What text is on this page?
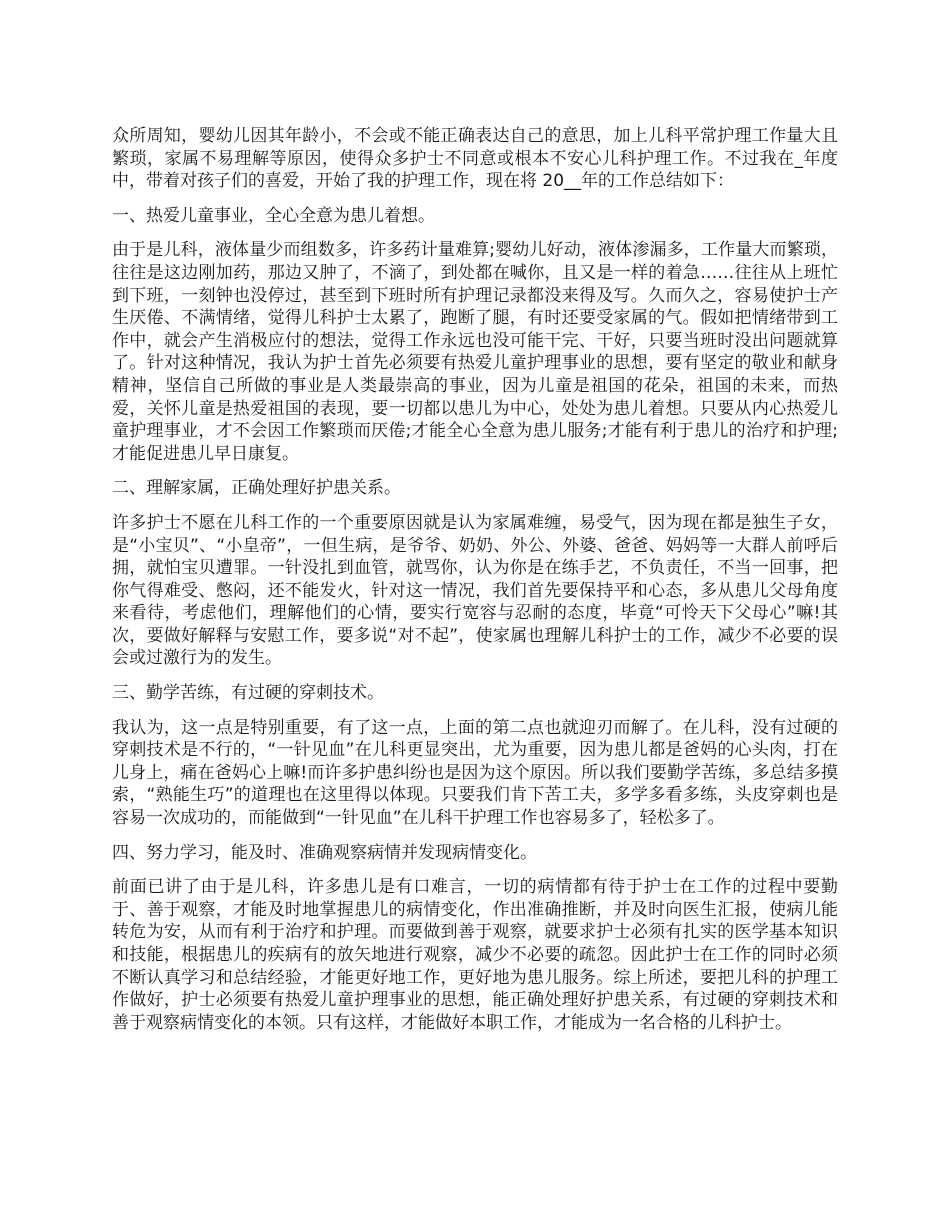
众所周知，婴幼儿因其年龄小，不会或不能正确表达自己的意思，加上儿科平常护理工作量大且繁琐，家属不易理解等原因，使得众多护士不同意或根本不安心儿科护理工作。不过我在_年度中，带着对孩子们的喜爱，开始了我的护理工作，现在将 20__年的工作总结如下：

一、热爱儿童事业，全心全意为患儿着想。

由于是儿科，液体量少而组数多，许多药计量难算;婴幼儿好动，液体渗漏多，工作量大而繁琐，往往是这边刚加药，那边又肿了，不滴了，到处都在喊你，且又是一样的着急……往往从上班忙到下班，一刻钟也没停过，甚至到下班时所有护理记录都没来得及写。久而久之，容易使护士产生厌倦、不满情绪，觉得儿科护士太累了，跑断了腿，有时还要受家属的气。假如把情绪带到工作中，就会产生消极应付的想法，觉得工作永远也没可能干完、干好，只要当班时没出问题就算了。针对这种情况，我认为护士首先必须要有热爱儿童护理事业的思想，要有坚定的敬业和献身精神，坚信自己所做的事业是人类最崇高的事业，因为儿童是祖国的花朵，祖国的未来，而热爱，关怀儿童是热爱祖国的表现，要一切都以患儿为中心，处处为患儿着想。只要从内心热爱儿童护理事业，才不会因工作繁琐而厌倦;才能全心全意为患儿服务;才能有利于患儿的治疗和护理;才能促进患儿早日康复。

二、理解家属，正确处理好护患关系。

许多护士不愿在儿科工作的一个重要原因就是认为家属难缠，易受气，因为现在都是独生子女，是“小宝贝”、“小皇帝”，一但生病，是爷爷、奶奶、外公、外婆、爸爸、妈妈等一大群人前呼后拥，就怕宝贝遭罪。一针没扎到血管，就骂你，认为你是在练手艺，不负责任，不当一回事，把你气得难受、憋闷，还不能发火，针对这一情况，我们首先要保持平和心态，多从患儿父母角度来看待，考虑他们，理解他们的心情，要实行宽容与忍耐的态度，毕竟“可怜天下父母心”嘛!其次，要做好解释与安慰工作，要多说“对不起”，使家属也理解儿科护士的工作，减少不必要的误会或过激行为的发生。

三、勤学苦练，有过硬的穿刺技术。

我认为，这一点是特别重要，有了这一点，上面的第二点也就迎刃而解了。在儿科，没有过硬的穿刺技术是不行的，“一针见血”在儿科更显突出，尤为重要，因为患儿都是爸妈的心头肉，打在儿身上，痛在爸妈心上嘛!而许多护患纠纷也是因为这个原因。所以我们要勤学苦练，多总结多摸索，“熟能生巧”的道理也在这里得以体现。只要我们肯下苦工夫，多学多看多练，头皮穿刺也是容易一次成功的，而能做到“一针见血”在儿科干护理工作也容易多了，轻松多了。

四、努力学习，能及时、准确观察病情并发现病情变化。

前面已讲了由于是儿科，许多患儿是有口难言，一切的病情都有待于护士在工作的过程中要勤于、善于观察，才能及时地掌握患儿的病情变化，作出准确推断，并及时向医生汇报，使病儿能转危为安，从而有利于治疗和护理。而要做到善于观察，就要求护士必须有扎实的医学基本知识和技能，根据患儿的疾病有的放矢地进行观察，减少不必要的疏忽。因此护士在工作的同时必须不断认真学习和总结经验，才能更好地工作，更好地为患儿服务。综上所述，要把儿科的护理工作做好，护士必须要有热爱儿童护理事业的思想，能正确处理好护患关系，有过硬的穿刺技术和善于观察病情变化的本领。只有这样，才能做好本职工作，才能成为一名合格的儿科护士。
